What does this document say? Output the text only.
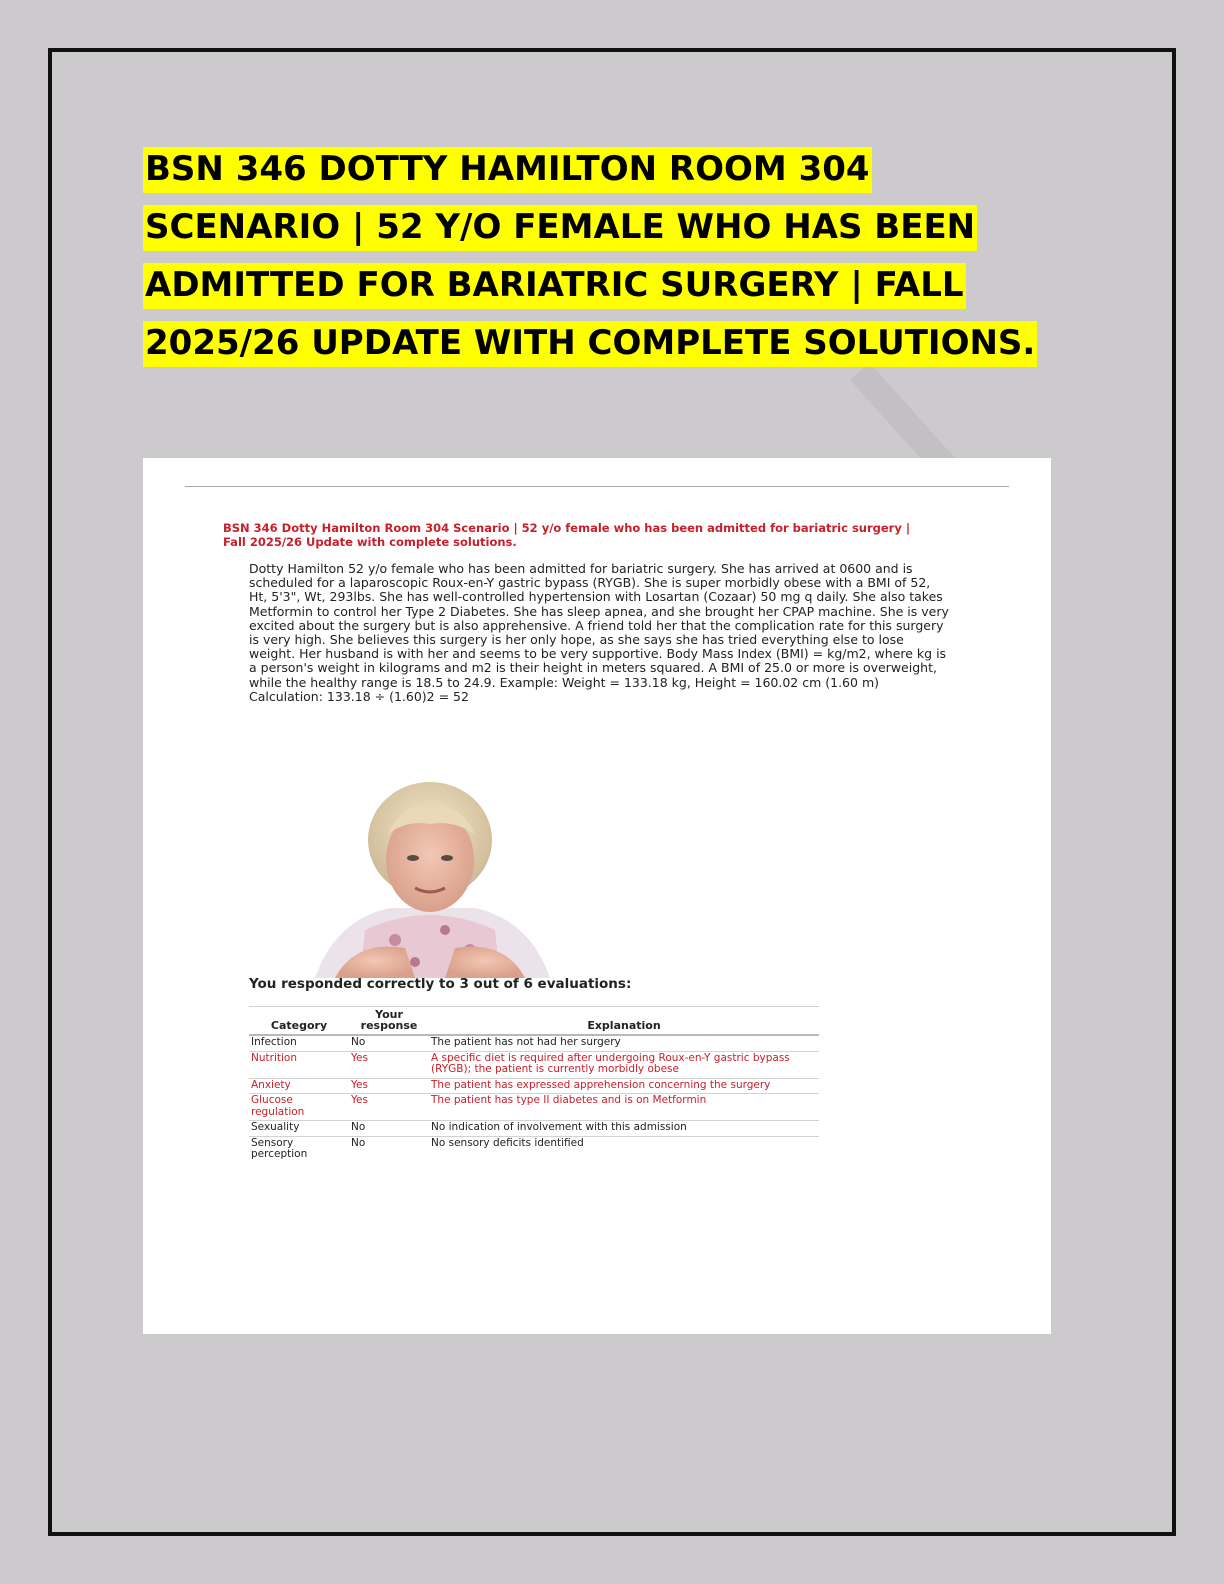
BSN 346 DOTTY HAMILTON ROOM 304
SCENARIO | 52 Y/O FEMALE WHO HAS BEEN
ADMITTED FOR BARIATRIC SURGERY | FALL
2025/26 UPDATE WITH COMPLETE SOLUTIONS.
BSN 346 Dotty Hamilton Room 304 Scenario | 52 y/o female who has been admitted for bariatric surgery | Fall 2025/26 Update with complete solutions.
Dotty Hamilton 52 y/o female who has been admitted for bariatric surgery. She has arrived at 0600 and is scheduled for a laparoscopic Roux-en-Y gastric bypass (RYGB). She is super morbidly obese with a BMI of 52, Ht, 5'3", Wt, 293lbs. She has well-controlled hypertension with Losartan (Cozaar) 50 mg q daily. She also takes Metformin to control her Type 2 Diabetes. She has sleep apnea, and she brought her CPAP machine. She is very excited about the surgery but is also apprehensive. A friend told her that the complication rate for this surgery is very high. She believes this surgery is her only hope, as she says she has tried everything else to lose weight. Her husband is with her and seems to be very supportive. Body Mass Index (BMI) = kg/m2, where kg is a person's weight in kilograms and m2 is their height in meters squared. A BMI of 25.0 or more is overweight, while the healthy range is 18.5 to 24.9. Example: Weight = 133.18 kg, Height = 160.02 cm (1.60 m)
Calculation: 133.18 ÷ (1.60)2 = 52
You responded correctly to 3 out of 6 evaluations:
Category	Your response	Explanation
Infection	No	The patient has not had her surgery
Nutrition	Yes	A specific diet is required after undergoing Roux-en-Y gastric bypass (RYGB); the patient is currently morbidly obese
Anxiety	Yes	The patient has expressed apprehension concerning the surgery
Glucose regulation	Yes	The patient has type II diabetes and is on Metformin
Sexuality	No	No indication of involvement with this admission
Sensory perception	No	No sensory deficits identified
